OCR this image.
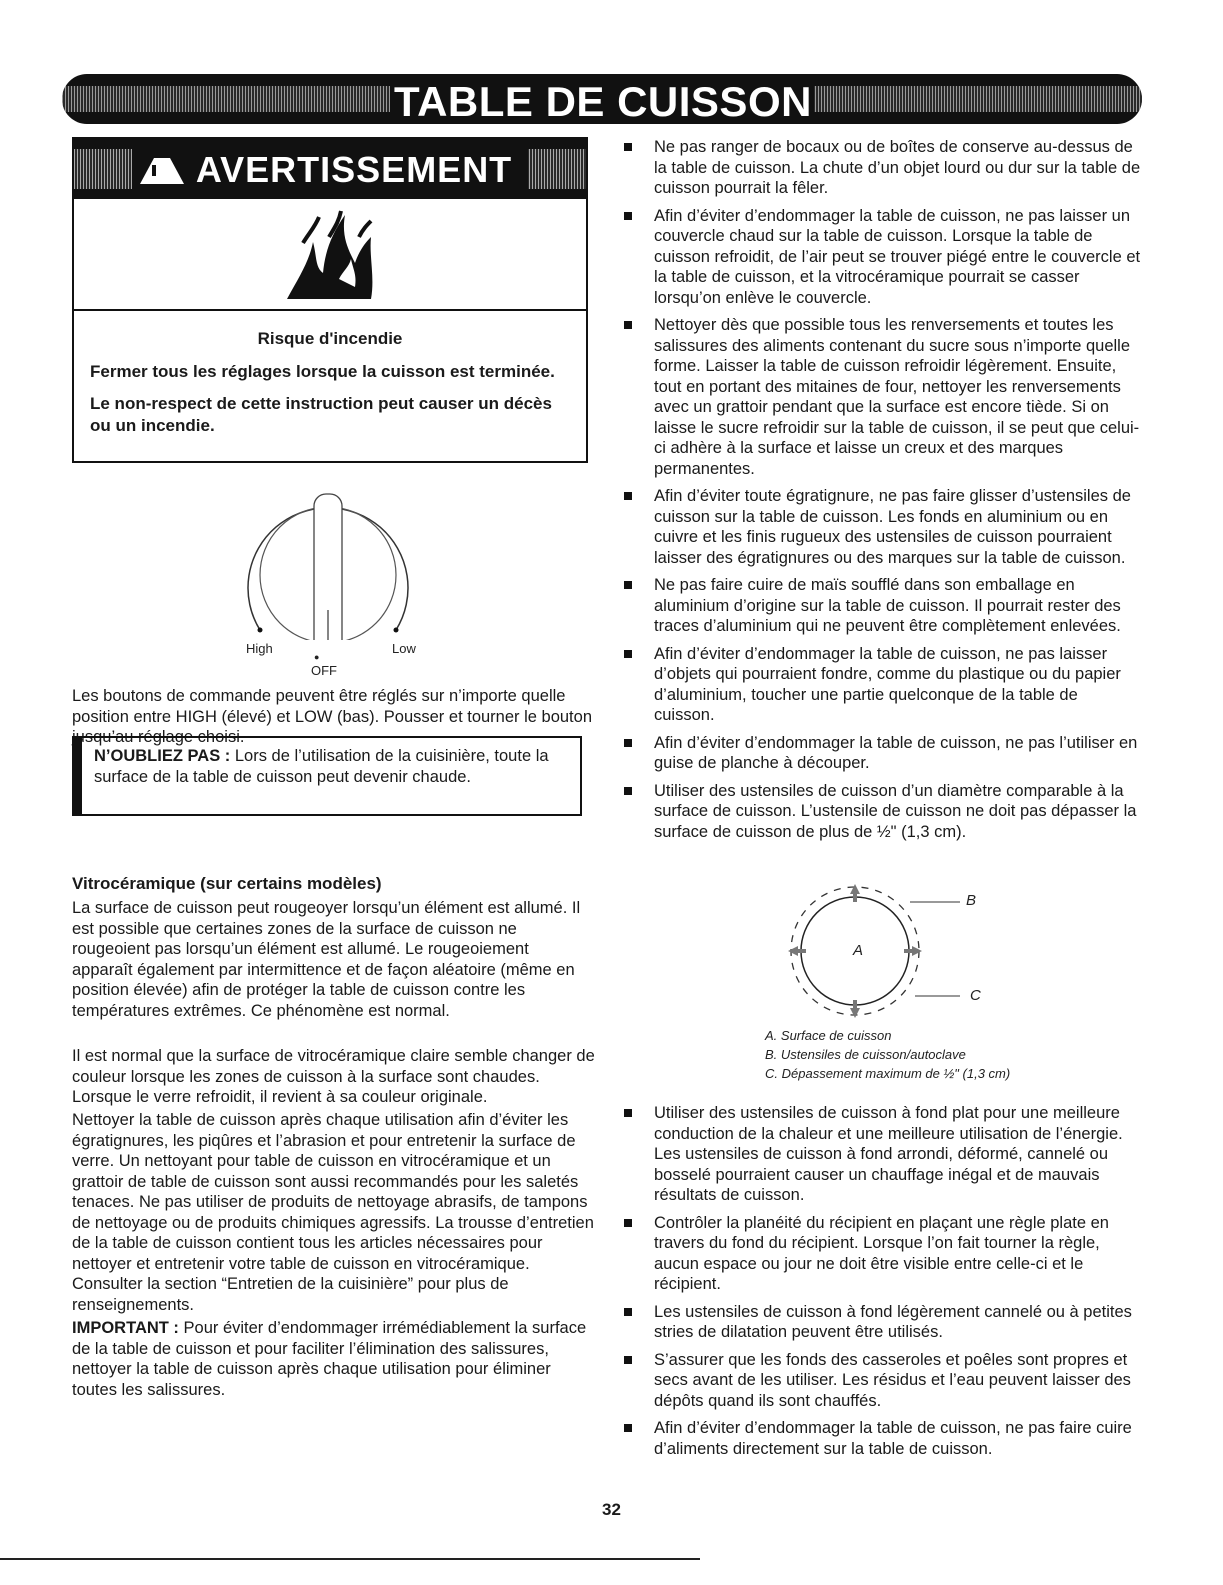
TABLE DE CUISSON
AVERTISSEMENT
Risque d'incendie

Fermer tous les réglages lorsque la cuisson est terminée.

Le non-respect de cette instruction peut causer un décès ou un incendie.

High	Low
●
OFF

Les boutons de commande peuvent être réglés sur n’importe quelle position entre HIGH (élevé) et LOW (bas). Pousser et tourner le bouton jusqu’au réglage choisi.

N’OUBLIEZ PAS : Lors de l’utilisation de la cuisinière, toute la surface de la table de cuisson peut devenir chaude.
Vitrocéramique (sur certains modèles)

La surface de cuisson peut rougeoyer lorsqu’un élément est allumé. Il est possible que certaines zones de la surface de cuisson ne rougeoient pas lorsqu’un élément est allumé. Le rougeoiement apparaît également par intermittence et de façon aléatoire (même en position élevée) afin de protéger la table de cuisson contre les températures extrêmes. Ce phénomène est normal.

Il est normal que la surface de vitrocéramique claire semble changer de couleur lorsque les zones de cuisson à la surface sont chaudes. Lorsque le verre refroidit, il revient à sa couleur originale.

Nettoyer la table de cuisson après chaque utilisation afin d’éviter les égratignures, les piqûres et l’abrasion et pour entretenir la surface de verre. Un nettoyant pour table de cuisson en vitrocéramique et un grattoir de table de cuisson sont aussi recommandés pour les saletés tenaces. Ne pas utiliser de produits de nettoyage abrasifs, de tampons de nettoyage ou de produits chimiques agressifs. La trousse d’entretien de la table de cuisson contient tous les articles nécessaires pour nettoyer et entretenir votre table de cuisson en vitrocéramique. Consulter la section “Entretien de la cuisinière” pour plus de renseignements.

IMPORTANT : Pour éviter d’endommager irrémédiablement la surface de la table de cuisson et pour faciliter l’élimination des salissures, nettoyer la table de cuisson après chaque utilisation pour éliminer toutes les salissures.

Ne pas ranger de bocaux ou de boîtes de conserve au-dessus de la table de cuisson. La chute d’un objet lourd ou dur sur la table de cuisson pourrait la fêler.
Afin d’éviter d’endommager la table de cuisson, ne pas laisser un couvercle chaud sur la table de cuisson. Lorsque la table de cuisson refroidit, de l’air peut se trouver piégé entre le couvercle et la table de cuisson, et la vitrocéramique pourrait se casser lorsqu’on enlève le couvercle.
Nettoyer dès que possible tous les renversements et toutes les salissures des aliments contenant du sucre sous n’importe quelle forme. Laisser la table de cuisson refroidir légèrement. Ensuite, tout en portant des mitaines de four, nettoyer les renversements avec un grattoir pendant que la surface est encore tiède. Si on laisse le sucre refroidir sur la table de cuisson, il se peut que celui-ci adhère à la surface et laisse un creux et des marques permanentes.
Afin d’éviter toute égratignure, ne pas faire glisser d’ustensiles de cuisson sur la table de cuisson. Les fonds en aluminium ou en cuivre et les finis rugueux des ustensiles de cuisson pourraient laisser des égratignures ou des marques sur la table de cuisson.
Ne pas faire cuire de maïs soufflé dans son emballage en aluminium d’origine sur la table de cuisson. Il pourrait rester des traces d’aluminium qui ne peuvent être complètement enlevées.
Afin d’éviter d’endommager la table de cuisson, ne pas laisser d’objets qui pourraient fondre, comme du plastique ou du papier d’aluminium, toucher une partie quelconque de la table de cuisson.
Afin d’éviter d’endommager la table de cuisson, ne pas l’utiliser en guise de planche à découper.
Utiliser des ustensiles de cuisson d’un diamètre comparable à la surface de cuisson. L’ustensile de cuisson ne doit pas dépasser la surface de cuisson de plus de ½" (1,3 cm).
A
B
C
A. Surface de cuisson
B. Ustensiles de cuisson/autoclave
C. Dépassement maximum de ½" (1,3 cm)
Utiliser des ustensiles de cuisson à fond plat pour une meilleure conduction de la chaleur et une meilleure utilisation de l’énergie. Les ustensiles de cuisson à fond arrondi, déformé, cannelé ou bosselé pourraient causer un chauffage inégal et de mauvais résultats de cuisson.
Contrôler la planéité du récipient en plaçant une règle plate en travers du fond du récipient. Lorsque l’on fait tourner la règle, aucun espace ou jour ne doit être visible entre celle-ci et le récipient.
Les ustensiles de cuisson à fond légèrement cannelé ou à petites stries de dilatation peuvent être utilisés.
S’assurer que les fonds des casseroles et poêles sont propres et secs avant de les utiliser. Les résidus et l’eau peuvent laisser des dépôts quand ils sont chauffés.
Afin d’éviter d’endommager la table de cuisson, ne pas faire cuire d’aliments directement sur la table de cuisson.
32
